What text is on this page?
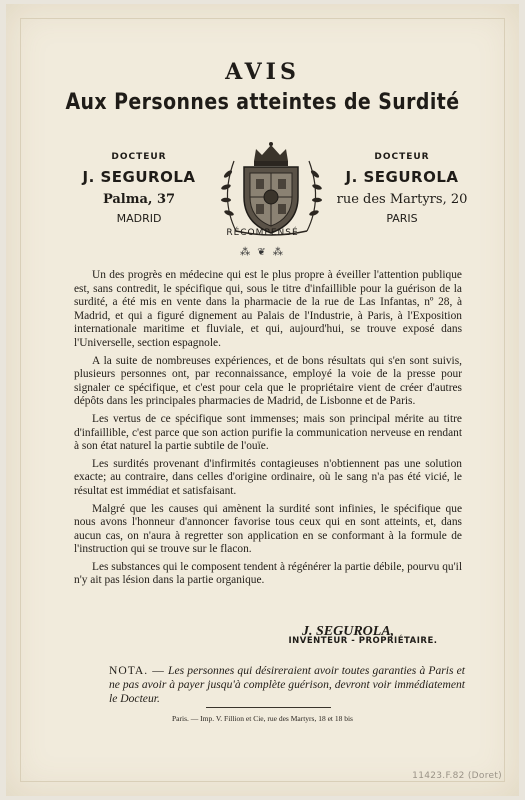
AVIS
Aux Personnes atteintes de Surdité
DOCTEUR
J. SEGUROLA
Palma, 37
MADRID
DOCTEUR
J. SEGUROLA
rue des Martyrs, 20
PARIS
RÉCOMPENSÉ
⁂ ❦ ⁂

Un des progrès en médecine qui est le plus propre à éveiller l'attention publique est, sans contredit, le spécifique qui, sous le titre d'infaillible pour la guérison de la surdité, a été mis en vente dans la pharmacie de la rue de Las Infantas, nº 28, à Madrid, et qui a figuré dignement au Palais de l'Industrie, à Paris, à l'Exposition internationale maritime et fluviale, et qui, aujourd'hui, se trouve exposé dans l'Universelle, section espagnole.

A la suite de nombreuses expériences, et de bons résultats qui s'en sont suivis, plusieurs personnes ont, par reconnaissance, employé la voie de la presse pour signaler ce spécifique, et c'est pour cela que le propriétaire vient de créer d'autres dépôts dans les principales pharmacies de Madrid, de Lisbonne et de Paris.

Les vertus de ce spécifique sont immenses; mais son principal mérite au titre d'infaillible, c'est parce que son action purifie la communication nerveuse en rendant à son état naturel la partie subtile de l'ouïe.

Les surdités provenant d'infirmités contagieuses n'obtiennent pas une solution exacte; au contraire, dans celles d'origine ordinaire, où le sang n'a pas été vicié, le résultat est immédiat et satisfaisant.

Malgré que les causes qui amènent la surdité sont infinies, le spécifique que nous avons l'honneur d'annoncer favorise tous ceux qui en sont atteints, et, dans aucun cas, on n'aura à regretter son application en se conformant à la formule de l'instruction qui se trouve sur le flacon.

Les substances qui le composent tendent à régénérer la partie débile, pourvu qu'il n'y ait pas lésion dans la partie organique.

J. SEGUROLA,
INVENTEUR - PROPRIÉTAIRE.
NOTA. — Les personnes qui désireraient avoir toutes garanties à Paris et ne pas avoir à payer jusqu'à complète guérison, devront voir immédiatement le Docteur.
Paris. — Imp. V. Fillion et Cie, rue des Martyrs, 18 et 18 bis
11423.F.82 (Doret)
